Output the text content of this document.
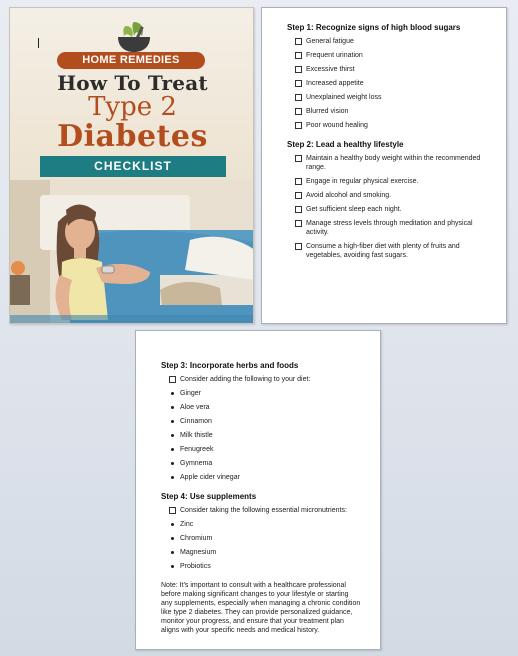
HOME REMEDIES
How To Treat
Type 2
Diabetes
CHECKLIST
Step 1: Recognize signs of high blood sugars
General fatigue
Frequent urination
Excessive thirst
Increased appetite
Unexplained weight loss
Blurred vision
Poor wound healing
Step 2: Lead a healthy lifestyle
Maintain a healthy body weight within the recommended range.
Engage in regular physical exercise.
Avoid alcohol and smoking.
Get sufficient sleep each night.
Manage stress levels through meditation and physical activity.
Consume a high-fiber diet with plenty of fruits and vegetables, avoiding fast sugars.
Step 3: Incorporate herbs and foods
Consider adding the following to your diet:
Ginger
Aloe vera
Cinnamon
Milk thistle
Fenugreek
Gymnema
Apple cider vinegar
Step 4: Use supplements
Consider taking the following essential micronutrients:
Zinc
Chromium
Magnesium
Probiotics
Note: It's important to consult with a healthcare professional before making significant changes to your lifestyle or starting any supplements, especially when managing a chronic condition like type 2 diabetes. They can provide personalized guidance, monitor your progress, and ensure that your treatment plan aligns with your specific needs and medical history.
